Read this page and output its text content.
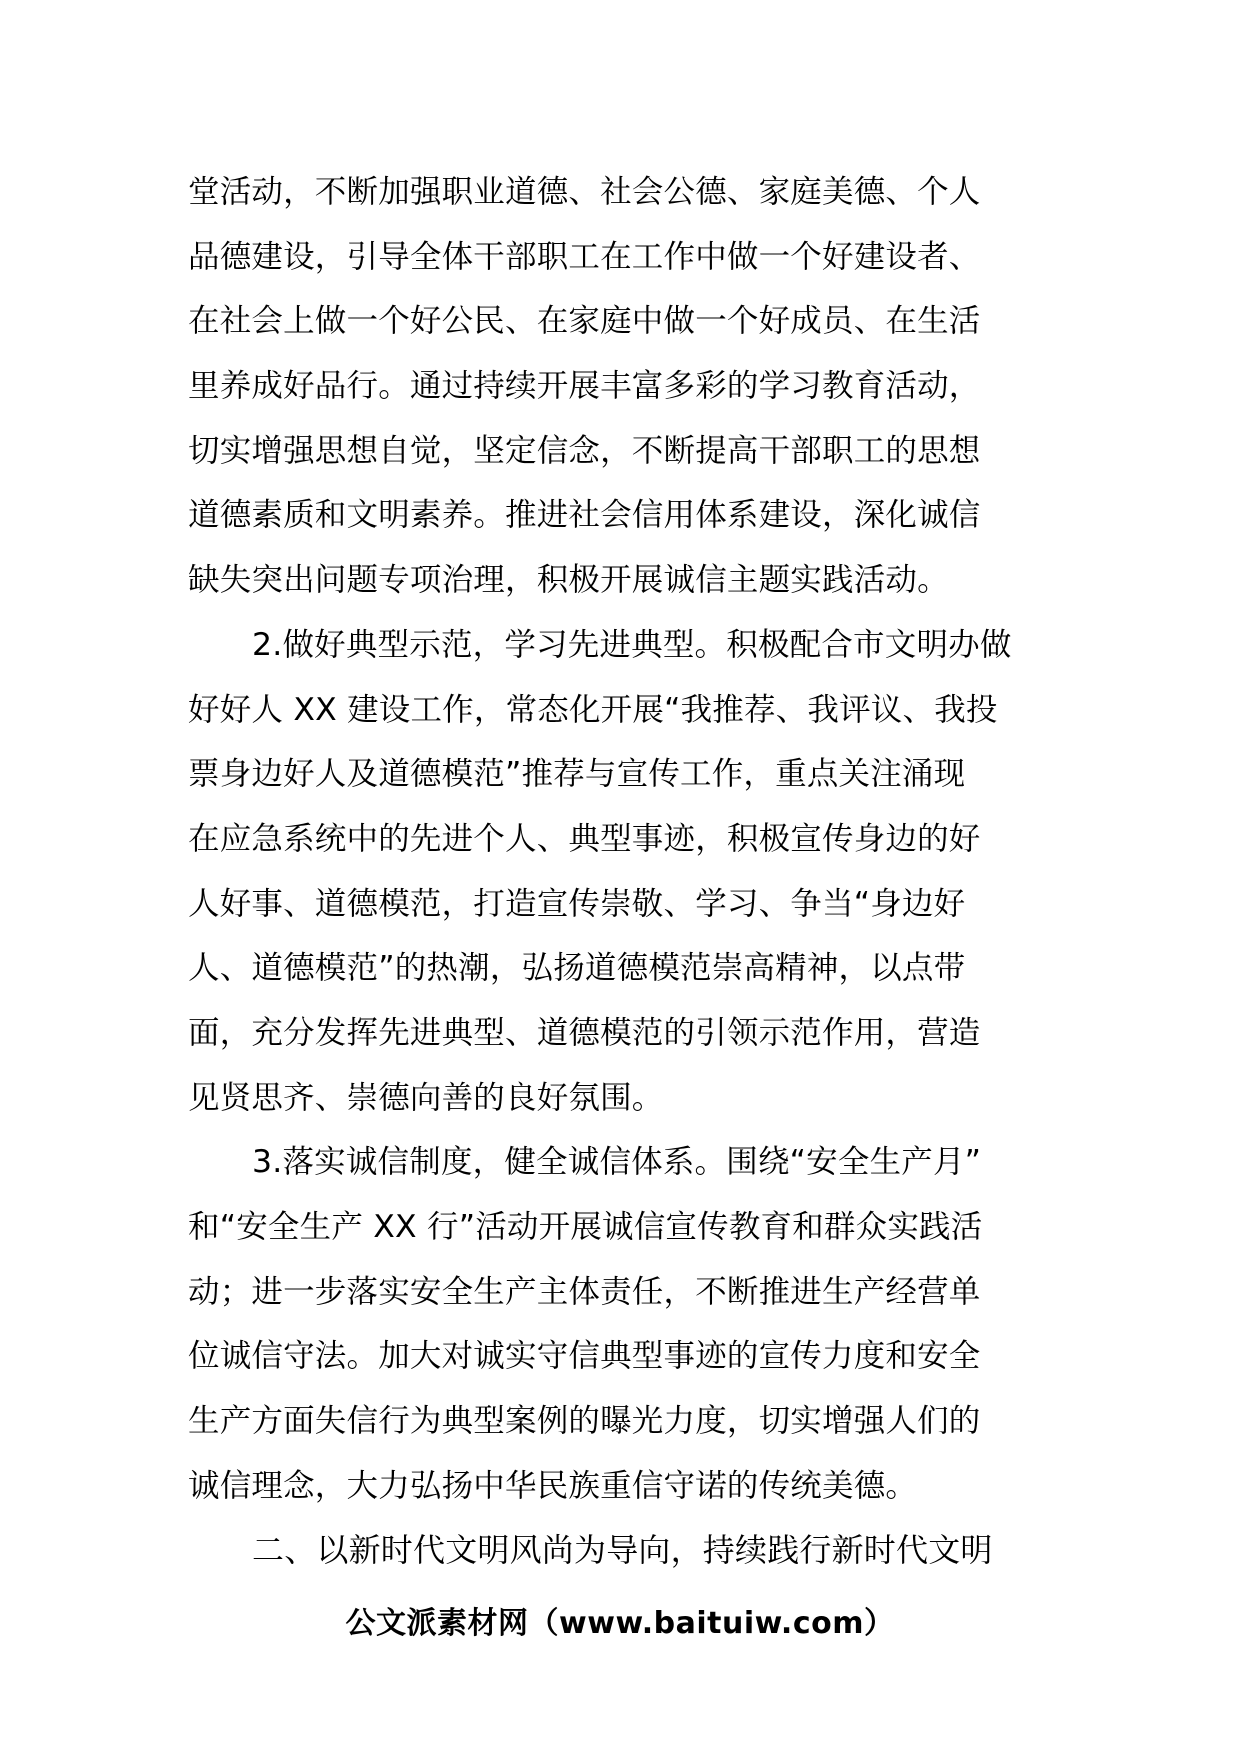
堂活动，不断加强职业道德、社会公德、家庭美德、个人
品德建设，引导全体干部职工在工作中做一个好建设者、
在社会上做一个好公民、在家庭中做一个好成员、在生活
里养成好品行。通过持续开展丰富多彩的学习教育活动，
切实增强思想自觉，坚定信念，不断提高干部职工的思想
道德素质和文明素养。推进社会信用体系建设，深化诚信
缺失突出问题专项治理，积极开展诚信主题实践活动。
2.做好典型示范，学习先进典型。积极配合市文明办做
好好人 XX 建设工作，常态化开展“我推荐、我评议、我投
票身边好人及道德模范”推荐与宣传工作，重点关注涌现
在应急系统中的先进个人、典型事迹，积极宣传身边的好
人好事、道德模范，打造宣传崇敬、学习、争当“身边好
人、道德模范”的热潮，弘扬道德模范崇高精神，以点带
面，充分发挥先进典型、道德模范的引领示范作用，营造
见贤思齐、崇德向善的良好氛围。
3.落实诚信制度，健全诚信体系。围绕“安全生产月”
和“安全生产 XX 行”活动开展诚信宣传教育和群众实践活
动；进一步落实安全生产主体责任，不断推进生产经营单
位诚信守法。加大对诚实守信典型事迹的宣传力度和安全
生产方面失信行为典型案例的曝光力度，切实增强人们的
诚信理念，大力弘扬中华民族重信守诺的传统美德。
二、以新时代文明风尚为导向，持续践行新时代文明
公文派素材网（www.baituiw.com）
